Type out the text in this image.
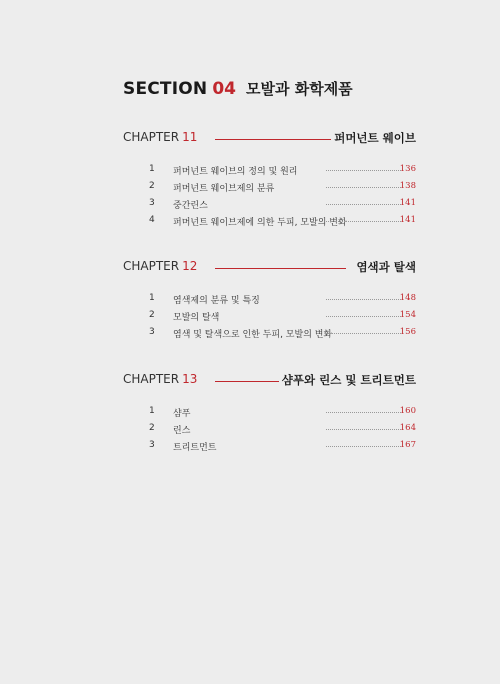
SECTION 04 모발과 화학제품
CHAPTER 11	퍼머넌트 웨이브
1	퍼머넌트 웨이브의 정의 및 원리	136
2	퍼머넌트 웨이브제의 분류	138
3	중간린스	141
4	퍼머넌트 웨이브제에 의한 두피, 모발의 변화	141
CHAPTER 12	염색과 탈색
1	염색제의 분류 및 특징	148
2	모발의 탈색	154
3	염색 및 탈색으로 인한 두피, 모발의 변화	156
CHAPTER 13	샴푸와 린스 및 트리트먼트
1	샴푸	160
2	린스	164
3	트리트먼트	167
